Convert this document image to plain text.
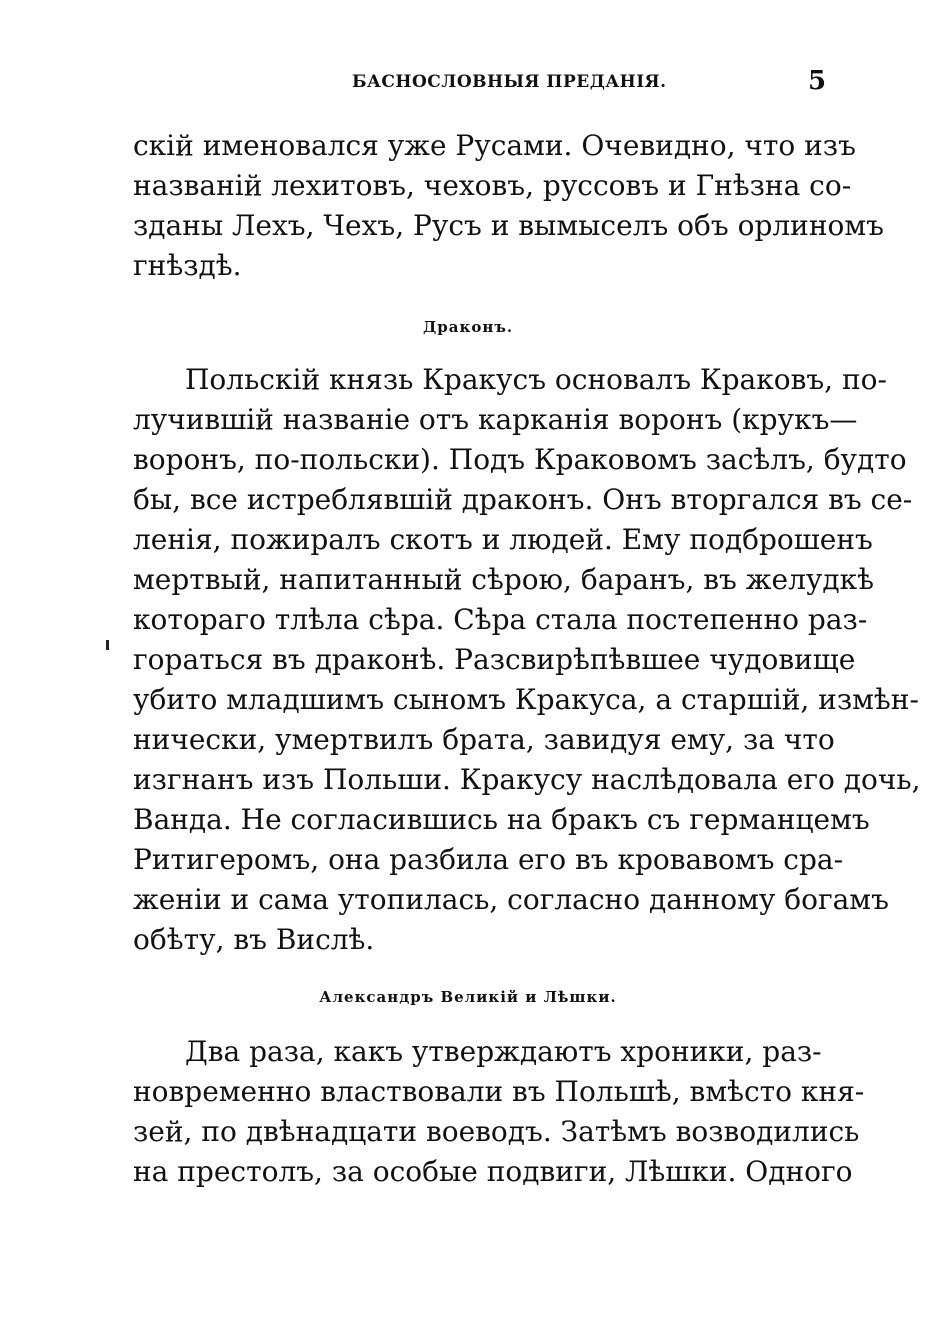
БАСНОСЛОВНЫЯ ПРЕДАНІЯ.	5
скій именовался уже Русами. Очевидно, что изъ
названій лехитовъ, чеховъ, руссовъ и Гнѣзна со-
зданы Лехъ, Чехъ, Русъ и вымыселъ объ орлиномъ
гнѣздѣ.
Драконъ.
Польскій князь Кракусъ основалъ Краковъ, по-
лучившій названіе отъ карканія воронъ (крукъ—
воронъ, по-польски). Подъ Краковомъ засѣлъ, будто
бы, все истреблявшій драконъ. Онъ вторгался въ се-
ленія, пожиралъ скотъ и людей. Ему подброшенъ
мертвый, напитанный сѣрою, баранъ, въ желудкѣ
котораго тлѣла сѣра. Сѣра стала постепенно раз-
гораться въ драконѣ. Разсвирѣпѣвшее чудовище
убито младшимъ сыномъ Кракуса, а старшій, измѣн-
нически, умертвилъ брата, завидуя ему, за что
изгнанъ изъ Польши. Кракусу наслѣдовала его дочь,
Ванда. Не согласившись на бракъ съ германцемъ
Ритигеромъ, она разбила его въ кровавомъ сра-
женіи и сама утопилась, согласно данному богамъ
обѣту, въ Вислѣ.
Александръ Великій и Лѣшки.
Два раза, какъ утверждаютъ хроники, раз-
новременно властвовали въ Польшѣ, вмѣсто кня-
зей, по двѣнадцати воеводъ. Затѣмъ возводились
на престолъ, за особые подвиги, Лѣшки. Одного
